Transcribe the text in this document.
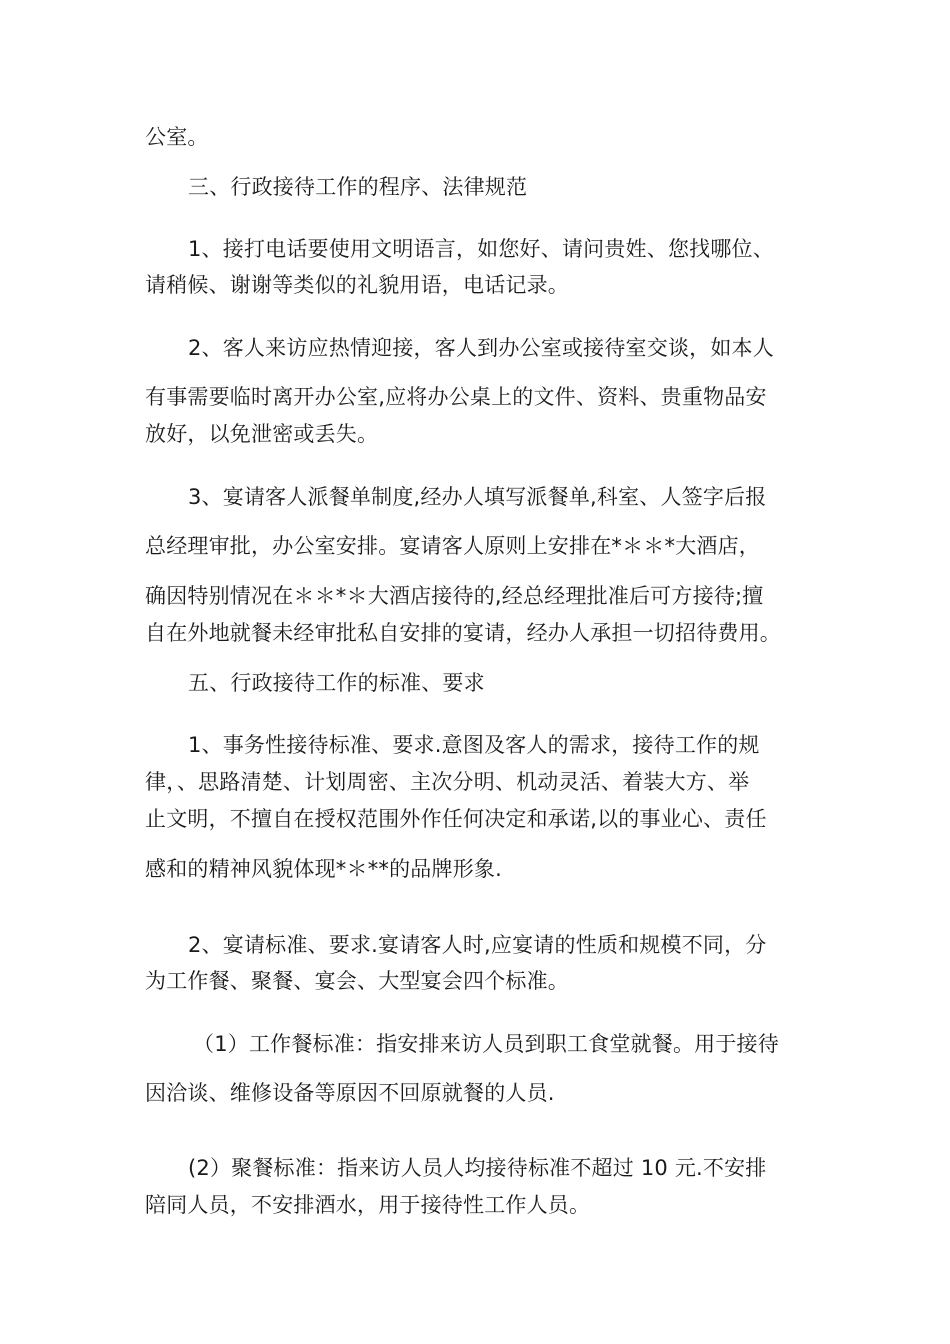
公室。
三、行政接待工作的程序、法律规范
1、接打电话要使用文明语言，如您好、请问贵姓、您找哪位、
请稍候、谢谢等类似的礼貌用语，电话记录。
2、客人来访应热情迎接，客人到办公室或接待室交谈，如本人
有事需要临时离开办公室,应将办公桌上的文件、资料、贵重物品安
放好，以免泄密或丢失。
3、宴请客人派餐单制度,经办人填写派餐单,科室、人签字后报
总经理审批，办公室安排。宴请客人原则上安排在*＊＊*大酒店，
确因特别情况在＊＊*＊大酒店接待的,经总经理批准后可方接待;擅
自在外地就餐未经审批私自安排的宴请，经办人承担一切招待费用。
五、行政接待工作的标准、要求
1、事务性接待标准、要求.意图及客人的需求，接待工作的规
律，、思路清楚、计划周密、主次分明、机动灵活、着装大方、举
止文明，不擅自在授权范围外作任何决定和承诺,以的事业心、责任
感和的精神风貌体现*＊**的品牌形象.
2、宴请标准、要求.宴请客人时,应宴请的性质和规模不同，分
为工作餐、聚餐、宴会、大型宴会四个标准。
（1）工作餐标准：指安排来访人员到职工食堂就餐。用于接待
因洽谈、维修设备等原因不回原就餐的人员.
(2）聚餐标准：指来访人员人均接待标准不超过 10 元.不安排
陪同人员，不安排酒水，用于接待性工作人员。
